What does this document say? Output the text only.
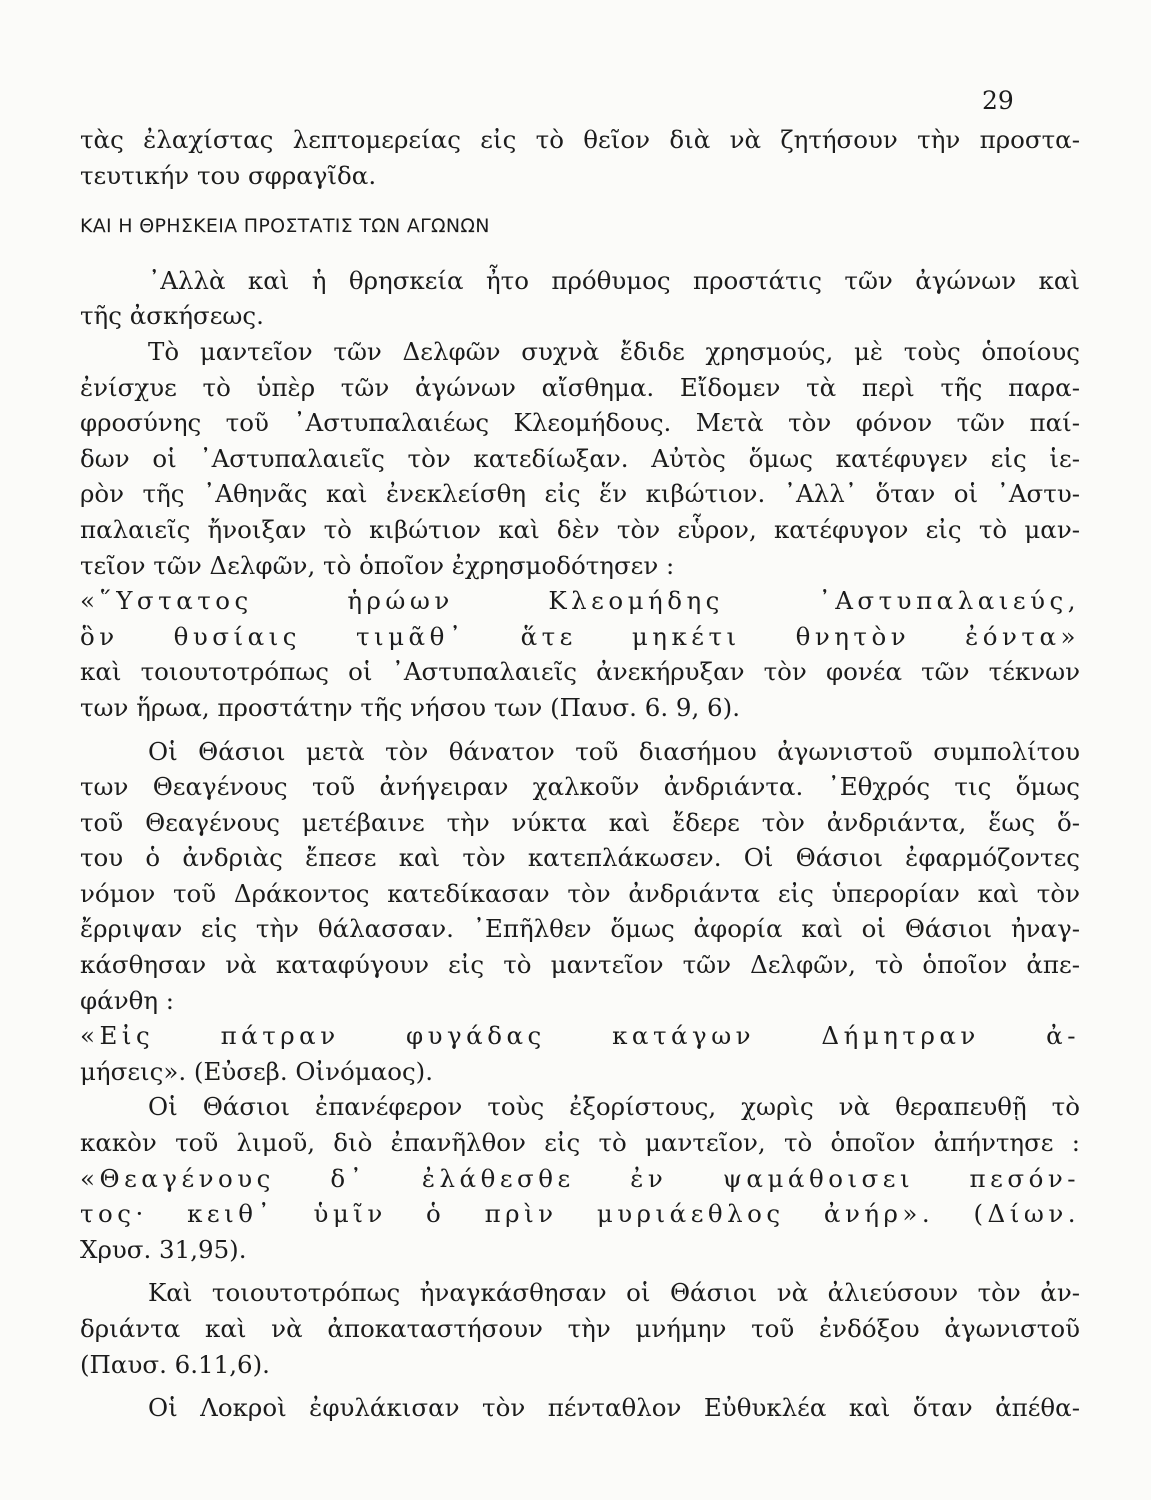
29
τὰς ἐλαχίστας λεπτομερείας εἰς τὸ θεῖον διὰ νὰ ζητήσουν τὴν προστα-
τευτικήν του σφραγῖδα.
ΚΑΙ Η ΘΡΗΣΚΕΙΑ ΠΡΟΣΤΑΤΙΣ ΤΩΝ ΑΓΩΝΩΝ
᾿Αλλὰ καὶ ἡ θρησκεία ἦτο πρόθυμος προστάτις τῶν ἀγώνων καὶ
τῆς ἀσκήσεως.
Τὸ μαντεῖον τῶν Δελφῶν συχνὰ ἔδιδε χρησμούς, μὲ τοὺς ὁποίους
ἐνίσχυε τὸ ὑπὲρ τῶν ἀγώνων αἴσθημα. Εἴδομεν τὰ περὶ τῆς παρα-
φροσύνης τοῦ ᾿Αστυπαλαιέως Κλεομήδους. Μετὰ τὸν φόνον τῶν παί-
δων οἱ ᾿Αστυπαλαιεῖς τὸν κατεδίωξαν. Αὐτὸς ὅμως κατέφυγεν εἰς ἱε-
ρὸν τῆς ᾿Αθηνᾶς καὶ ἐνεκλείσθη εἰς ἕν κιβώτιον. ᾿Αλλ᾿ ὅταν οἱ ᾿Αστυ-
παλαιεῖς ἤνοιξαν τὸ κιβώτιον καὶ δὲν τὸν εὗρον, κατέφυγον εἰς τὸ μαν-
τεῖον τῶν Δελφῶν, τὸ ὁποῖον ἐχρησμοδότησεν :
«῞Υστατος ἡρώων Κλεομήδης ᾿Αστυπαλαιεύς,
ὃν θυσίαις τιμᾶθ᾿ ἅτε μηκέτι θνητὸν ἐόντα»
καὶ τοιουτοτρόπως οἱ ᾿Αστυπαλαιεῖς ἀνεκήρυξαν τὸν φονέα τῶν τέκνων
των ἥρωα, προστάτην τῆς νήσου των (Παυσ. 6. 9, 6).
Οἱ Θάσιοι μετὰ τὸν θάνατον τοῦ διασήμου ἀγωνιστοῦ συμπολίτου
των Θεαγένους τοῦ ἀνήγειραν χαλκοῦν ἀνδριάντα. ᾿Εθχρός τις ὅμως
τοῦ Θεαγένους μετέβαινε τὴν νύκτα καὶ ἔδερε τὸν ἀνδριάντα, ἕως ὅ-
του ὁ ἀνδριὰς ἔπεσε καὶ τὸν κατεπλάκωσεν. Οἱ Θάσιοι ἐφαρμόζοντες
νόμον τοῦ Δράκοντος κατεδίκασαν τὸν ἀνδριάντα εἰς ὑπερορίαν καὶ τὸν
ἔρριψαν εἰς τὴν θάλασσαν. ᾿Επῆλθεν ὅμως ἀφορία καὶ οἱ Θάσιοι ἠναγ-
κάσθησαν νὰ καταφύγουν εἰς τὸ μαντεῖον τῶν Δελφῶν, τὸ ὁποῖον ἀπε-
φάνθη :
«Εἰς πάτραν φυγάδας κατάγων Δήμητραν ἀ-
μήσεις». (Εὐσεβ. Οἰνόμαος).
Οἱ Θάσιοι ἐπανέφερον τοὺς ἐξορίστους, χωρὶς νὰ θεραπευθῇ τὸ
κακὸν τοῦ λιμοῦ, διὸ ἐπανῆλθον εἰς τὸ μαντεῖον, τὸ ὁποῖον ἀπήντησε :
«Θεαγένους δ᾿ ἐλάθεσθε ἐν ψαμάθοισει πεσόν-
τος· κειθ᾿ ὑμῖν ὁ πρὶν μυριάεθλος ἀνήρ». (Δίων.
Χρυσ. 31,95).
Καὶ τοιουτοτρόπως ἠναγκάσθησαν οἱ Θάσιοι νὰ ἀλιεύσουν τὸν ἀν-
δριάντα καὶ νὰ ἀποκαταστήσουν τὴν μνήμην τοῦ ἐνδόξου ἀγωνιστοῦ
(Παυσ. 6.11,6).
Οἱ Λοκροὶ ἐφυλάκισαν τὸν πένταθλον Εὐθυκλέα καὶ ὅταν ἀπέθα-
